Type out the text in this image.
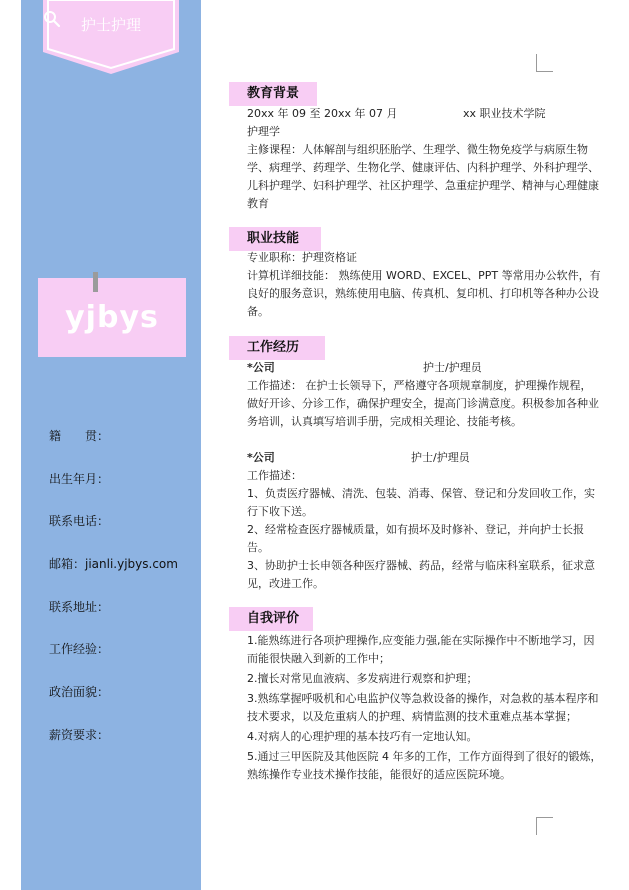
护士护理
yjbys
籍　　贯：
出生年月：
联系电话：
邮箱：jianli.yjbys.com
联系地址：
工作经验：
政治面貌：
薪资要求：
教育背景
20xx 年 09 至 20xx 年 07 月	xx 职业技术学院
护理学
主修课程：人体解剖与组织胚胎学、生理学、微生物免疫学与病原生物学、病理学、药理学、生物化学、健康评估、内科护理学、外科护理学、儿科护理学、妇科护理学、社区护理学、急重症护理学、精神与心理健康教育
职业技能
专业职称：护理资格证
计算机详细技能： 熟练使用 WORD、EXCEL、PPT 等常用办公软件，有良好的服务意识，熟练使用电脑、传真机、复印机、打印机等各种办公设备。
工作经历
*公司	护士/护理员
工作描述： 在护士长领导下，严格遵守各项规章制度，护理操作规程，做好开诊、分诊工作，确保护理安全，提高门诊满意度。积极参加各种业务培训，认真填写培训手册，完成相关理论、技能考核。
*公司	护士/护理员
工作描述：
1、负责医疗器械、清洗、包装、消毒、保管、登记和分发回收工作，实行下收下送。
2、经常检查医疗器械质量，如有损坏及时修补、登记，并向护士长报告。
3、协助护士长申领各种医疗器械、药品，经常与临床科室联系，征求意见，改进工作。
自我评价
1.能熟练进行各项护理操作,应变能力强,能在实际操作中不断地学习，因而能很快融入到新的工作中；
2.擅长对常见血液病、多发病进行观察和护理；
3.熟练掌握呼吸机和心电监护仪等急救设备的操作，对急救的基本程序和技术要求，以及危重病人的护理、病情监测的技术重难点基本掌握；
4.对病人的心理护理的基本技巧有一定地认知。
5.通过三甲医院及其他医院 4 年多的工作，工作方面得到了很好的锻炼，熟练操作专业技术操作技能，能很好的适应医院环境。
